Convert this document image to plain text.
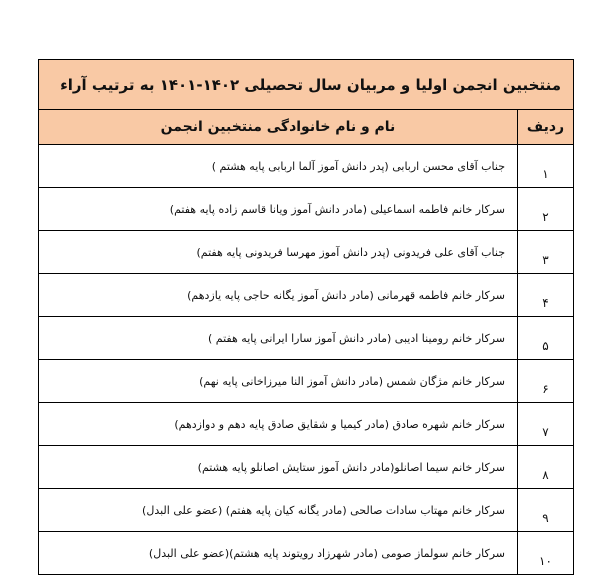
منتخبین انجمن اولیا و مربیان سال تحصیلی ۱۴۰۲-۱۴۰۱ به ترتیب آراء	
ردیف	نام و نام خانوادگی منتخبین انجمن
۱	جناب آقای محسن اربابی (پدر دانش آموز آلما اربابی پایه هشتم )
۲	سرکار خانم فاطمه اسماعیلی (مادر دانش آموز ویانا قاسم زاده پایه هفتم)
۳	جناب آقای علی فریدونی (پدر دانش آموز مهرسا فریدونی پایه هفتم)
۴	سرکار خانم فاطمه قهرمانی (مادر دانش آموز یگانه حاجی پایه یازدهم)
۵	سرکار خانم رومینا ادیبی (مادر دانش آموز سارا ایرانی پایه هفتم )
۶	سرکار خانم مژگان شمس (مادر دانش آموز النا میرزاخانی پایه نهم)
۷	سرکار خانم شهره صادق (مادر کیمیا و شقایق صادق پایه دهم و دوازدهم)
۸	سرکار خانم سیما اصانلو(مادر دانش آموز ستایش اصانلو پایه هشتم)
۹	سرکار خانم مهتاب سادات صالحی (مادر یگانه کیان پایه هفتم) (عضو علی البدل)
۱۰	سرکار خانم سولماز صومی (مادر شهرزاد رویتوند پایه هشتم)(عضو علی البدل)
